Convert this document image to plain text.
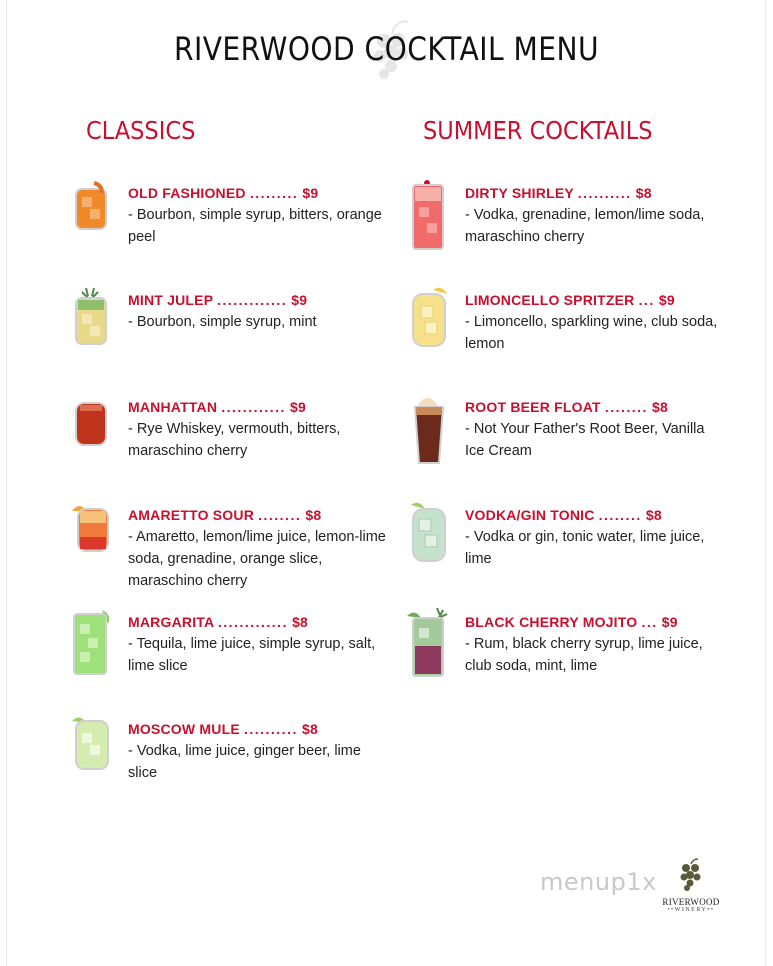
RIVERWOOD COCKTAIL MENU
CLASSICS	SUMMER COCKTAILS
OLD FASHIONED ......... $9
- Bourbon, simple syrup, bitters, orange peel
MINT JULEP ............. $9
- Bourbon, simple syrup, mint
MANHATTAN ............ $9
- Rye Whiskey, vermouth, bitters, maraschino cherry
AMARETTO SOUR ........ $8
- Amaretto, lemon/lime juice, lemon-lime soda, grenadine, orange slice, maraschino cherry
MARGARITA ............. $8
- Tequila, lime juice, simple syrup, salt, lime slice
MOSCOW MULE .......... $8
- Vodka, lime juice, ginger beer, lime slice
DIRTY SHIRLEY .......... $8
- Vodka, grenadine, lemon/lime soda, maraschino cherry
LIMONCELLO SPRITZER ... $9
- Limoncello, sparkling wine, club soda, lemon
ROOT BEER FLOAT ........ $8
- Not Your Father's Root Beer, Vanilla Ice Cream
VODKA/GIN TONIC ........ $8
- Vodka or gin, tonic water, lime juice, lime
BLACK CHERRY MOJITO ... $9
- Rum, black cherry syrup, lime juice, club soda, mint, lime
menup1x
RIVERWOOD
••WINERY••
